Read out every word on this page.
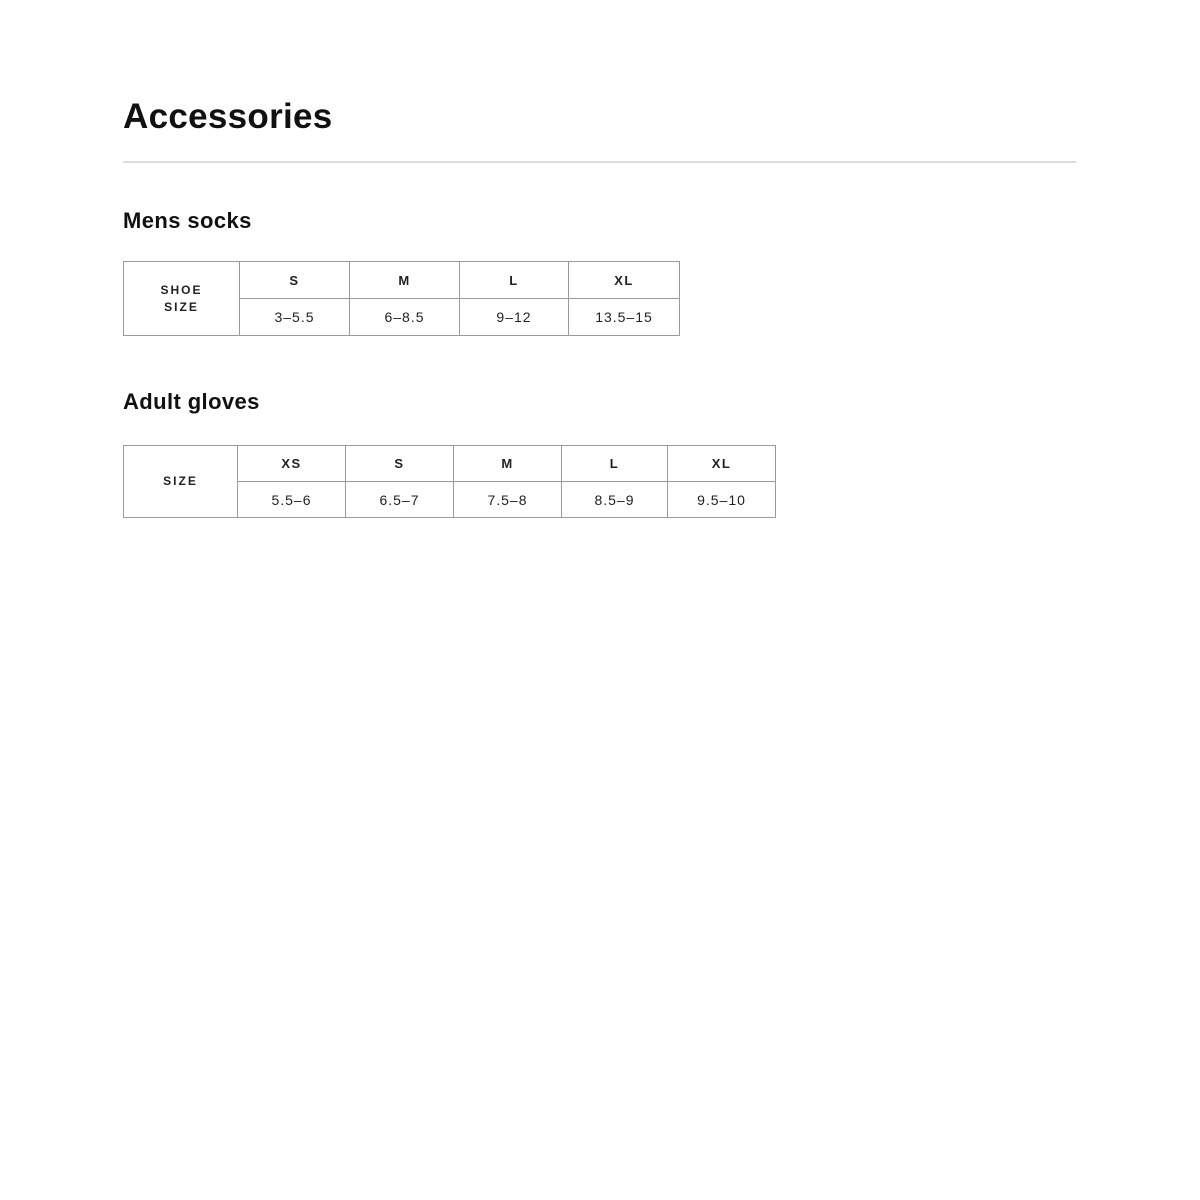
Accessories
Mens socks
SHOE
SIZE	S	M	L	XL
	3–5.5	6–8.5	9–12	13.5–15
Adult gloves
SIZE	XS	S	M	L	XL
	5.5–6	6.5–7	7.5–8	8.5–9	9.5–10
